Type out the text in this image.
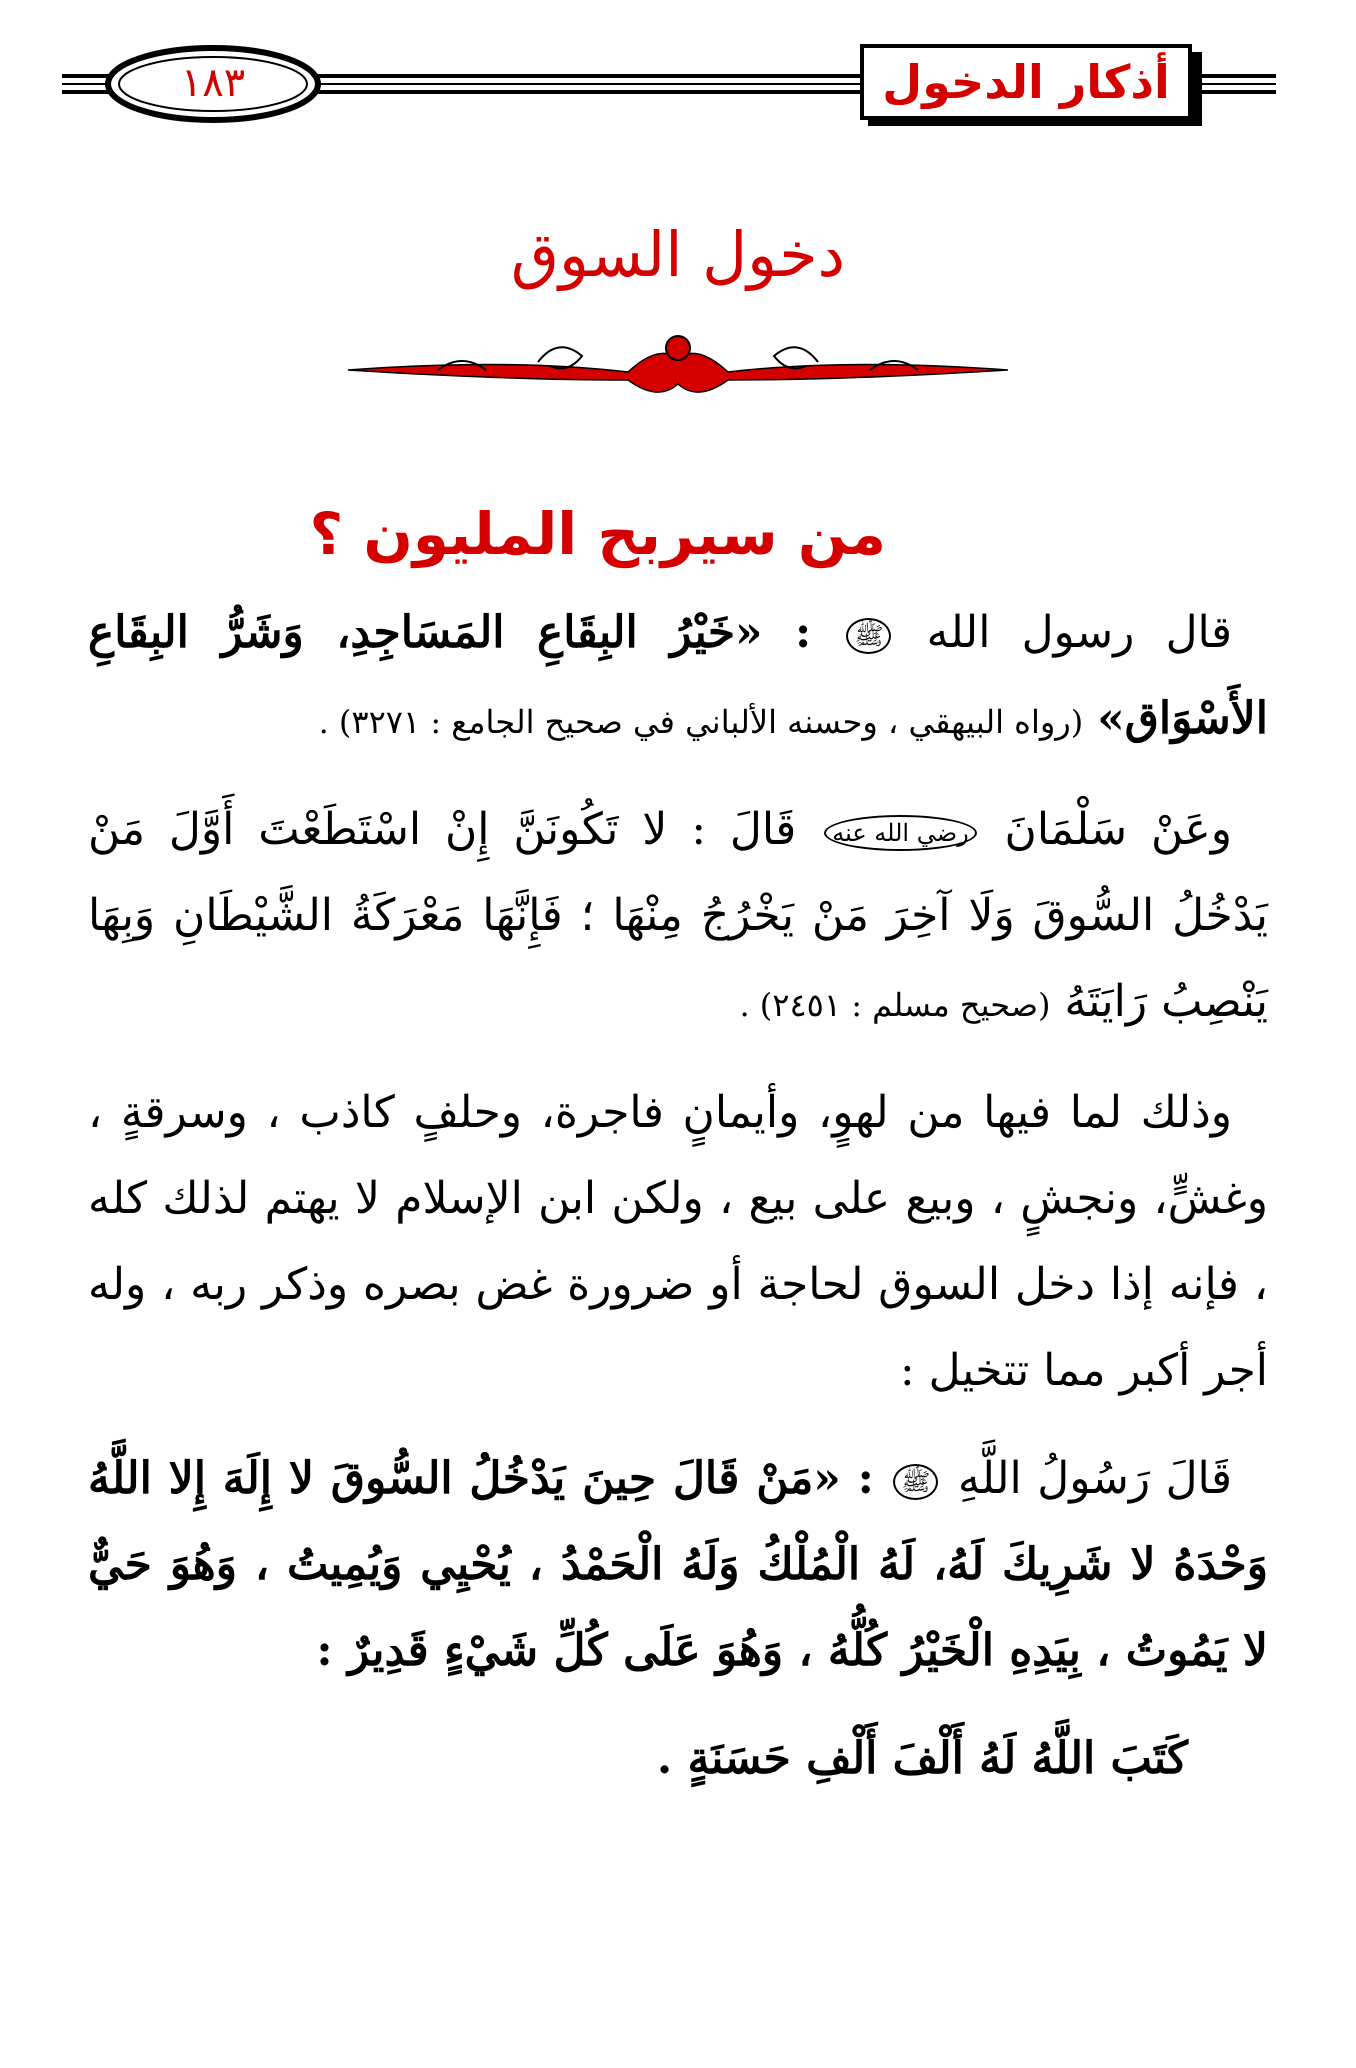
١٨٣	أذكار الدخول
دخول السوق
من سيربح المليون ؟

قال رسول الله ﷺ : «خَيْرُ البِقَاعِ المَسَاجِدِ، وَشَرُّ البِقَاعِ الأَسْوَاق» (رواه البيهقي ، وحسنه الألباني في صحيح الجامع : ٣٢٧١) .

وعَنْ سَلْمَانَ رضي الله عنه قَالَ : لا تَكُونَنَّ إِنْ اسْتَطَعْتَ أَوَّلَ مَنْ يَدْخُلُ السُّوقَ وَلَا آخِرَ مَنْ يَخْرُجُ مِنْهَا ؛ فَإِنَّهَا مَعْرَكَةُ الشَّيْطَانِ وَبِهَا يَنْصِبُ رَايَتَهُ (صحيح مسلم : ٢٤٥١) .

وذلك لما فيها من لهوٍ، وأيمانٍ فاجرة، وحلفٍ كاذب ، وسرقةٍ ، وغشٍّ، ونجشٍ ، وبيع على بيع ، ولكن ابن الإسلام لا يهتم لذلك كله ، فإنه إذا دخل السوق لحاجة أو ضرورة غض بصره وذكر ربه ، وله أجر أكبر مما تتخيل :

قَالَ رَسُولُ اللَّهِ ﷺ : «مَنْ قَالَ حِينَ يَدْخُلُ السُّوقَ لا إِلَهَ إِلا اللَّهُ وَحْدَهُ لا شَرِيكَ لَهُ، لَهُ الْمُلْكُ وَلَهُ الْحَمْدُ ، يُحْيِي وَيُمِيتُ ، وَهُوَ حَيٌّ لا يَمُوتُ ، بِيَدِهِ الْخَيْرُ كُلُّهُ ، وَهُوَ عَلَى كُلِّ شَيْءٍ قَدِيرٌ :

كَتَبَ اللَّهُ لَهُ أَلْفَ أَلْفِ حَسَنَةٍ .
